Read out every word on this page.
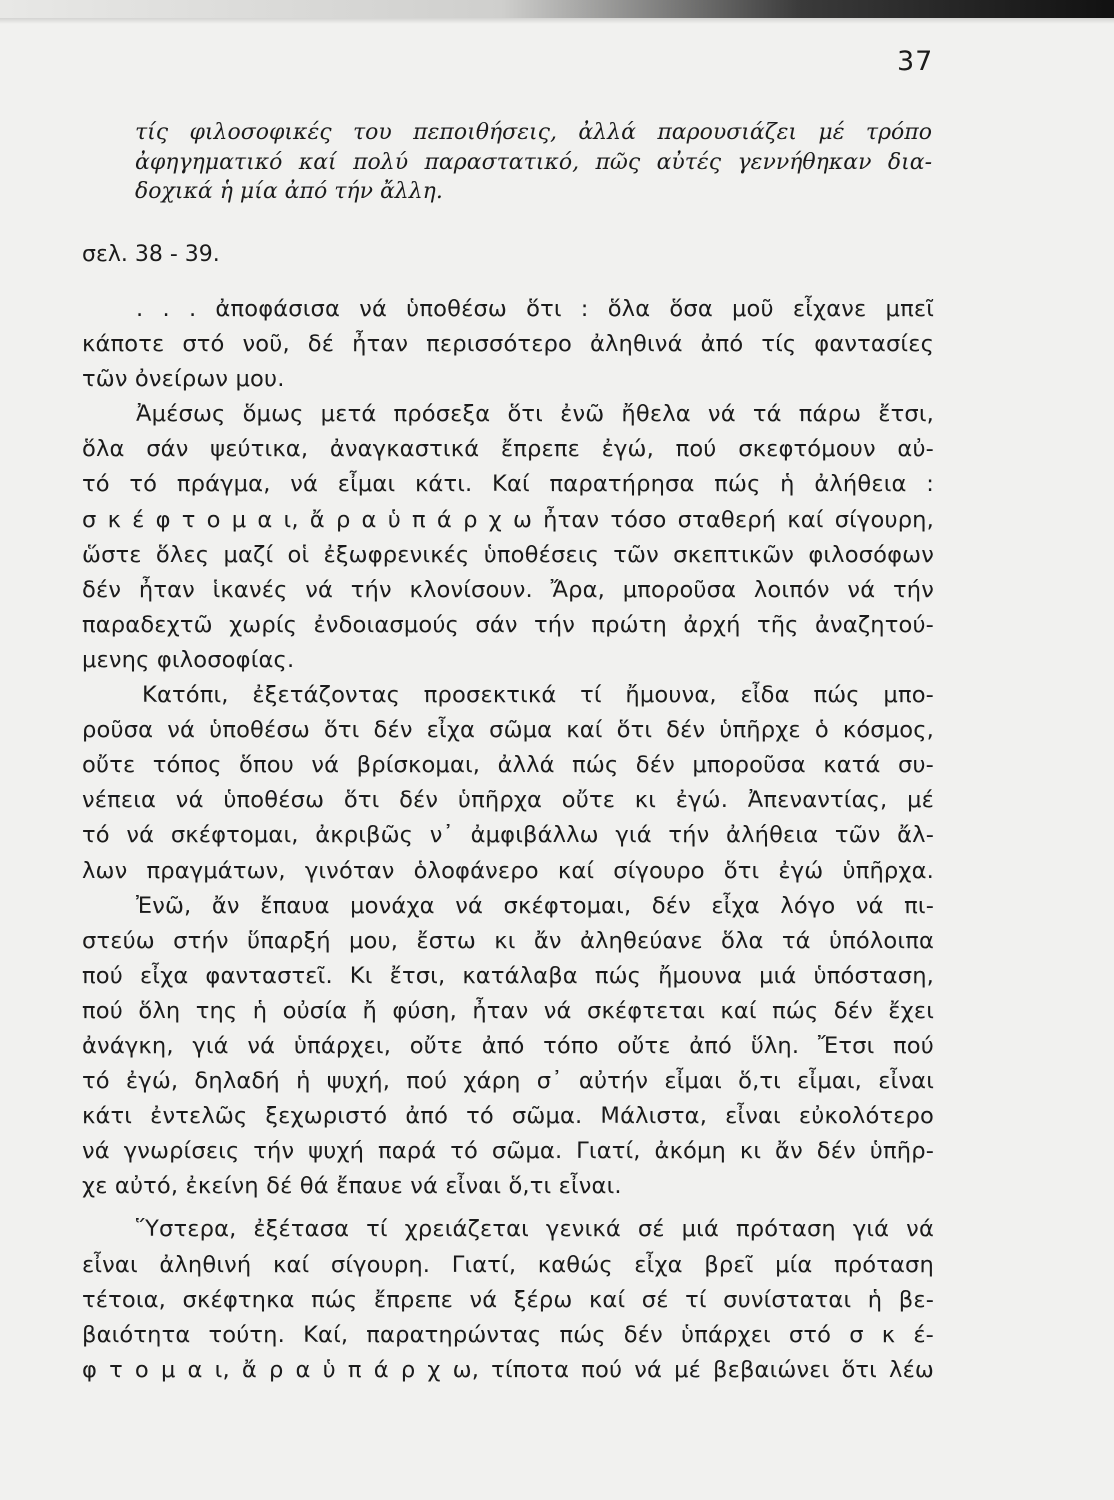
37
τίς φιλοσοφικές του πεποιθήσεις, ἀλλά παρουσιάζει μέ τρόπο
ἀφηγηματικό καί πολύ παραστατικό, πῶς αὐτές γεννήθηκαν δια-
δοχικά ἡ μία ἀπό τήν ἄλλη.
σελ. 38 - 39.
. . . ἀποφάσισα νά ὑποθέσω ὅτι : ὅλα ὅσα μοῦ εἶχανε μπεῖ
κάποτε στό νοῦ, δέ ἦταν περισσότερο ἀληθινά ἀπό τίς φαντασίες
τῶν ὀνείρων μου.
Ἀμέσως ὅμως μετά πρόσεξα ὅτι ἐνῶ ἤθελα νά τά πάρω ἔτσι,
ὅλα σάν ψεύτικα, ἀναγκαστικά ἔπρεπε ἐγώ, πού σκεφτόμουν αὐ-
τό τό πράγμα, νά εἶμαι κάτι. Καί παρατήρησα πώς ἡ ἀλήθεια :
σ κ έ φ τ ο μ α ι, ἄ ρ α ὑ π ά ρ χ ω ἦταν τόσο σταθερή καί σίγουρη,
ὥστε ὅλες μαζί οἱ ἐξωφρενικές ὑποθέσεις τῶν σκεπτικῶν φιλοσόφων
δέν ἦταν ἱκανές νά τήν κλονίσουν. Ἄρα, μποροῦσα λοιπόν νά τήν
παραδεχτῶ χωρίς ἐνδοιασμούς σάν τήν πρώτη ἀρχή τῆς ἀναζητού-
μενης φιλοσοφίας.
Κατόπι, ἐξετάζοντας προσεκτικά τί ἤμουνα, εἶδα πώς μπο-
ροῦσα νά ὑποθέσω ὅτι δέν εἶχα σῶμα καί ὅτι δέν ὑπῆρχε ὁ κόσμος,
οὔτε τόπος ὅπου νά βρίσκομαι, ἀλλά πώς δέν μποροῦσα κατά συ-
νέπεια νά ὑποθέσω ὅτι δέν ὑπῆρχα οὔτε κι ἐγώ. Ἀπεναντίας, μέ
τό νά σκέφτομαι, ἀκριβῶς ν᾽ ἀμφιβάλλω γιά τήν ἀλήθεια τῶν ἄλ-
λων πραγμάτων, γινόταν ὁλοφάνερο καί σίγουρο ὅτι ἐγώ ὑπῆρχα.
Ἐνῶ, ἄν ἔπαυα μονάχα νά σκέφτομαι, δέν εἶχα λόγο νά πι-
στεύω στήν ὕπαρξή μου, ἔστω κι ἄν ἀληθεύανε ὅλα τά ὑπόλοιπα
πού εἶχα φανταστεῖ. Κι ἔτσι, κατάλαβα πώς ἤμουνα μιά ὑπόσταση,
πού ὅλη της ἡ οὐσία ἤ φύση, ἦταν νά σκέφτεται καί πώς δέν ἔχει
ἀνάγκη, γιά νά ὑπάρχει, οὔτε ἀπό τόπο οὔτε ἀπό ὕλη. Ἔτσι πού
τό ἐγώ, δηλαδή ἡ ψυχή, πού χάρη σ᾽ αὐτήν εἶμαι ὅ,τι εἶμαι, εἶναι
κάτι ἐντελῶς ξεχωριστό ἀπό τό σῶμα. Μάλιστα, εἶναι εὐκολότερο
νά γνωρίσεις τήν ψυχή παρά τό σῶμα. Γιατί, ἀκόμη κι ἄν δέν ὑπῆρ-
χε αὐτό, ἐκείνη δέ θά ἔπαυε νά εἶναι ὅ,τι εἶναι.
Ὕστερα, ἐξέτασα τί χρειάζεται γενικά σέ μιά πρόταση γιά νά
εἶναι ἀληθινή καί σίγουρη. Γιατί, καθώς εἶχα βρεῖ μία πρόταση
τέτοια, σκέφτηκα πώς ἔπρεπε νά ξέρω καί σέ τί συνίσταται ἡ βε-
βαιότητα τούτη. Καί, παρατηρώντας πώς δέν ὑπάρχει στό σ κ έ-
φ τ ο μ α ι, ἄ ρ α ὑ π ά ρ χ ω, τίποτα πού νά μέ βεβαιώνει ὅτι λέω
